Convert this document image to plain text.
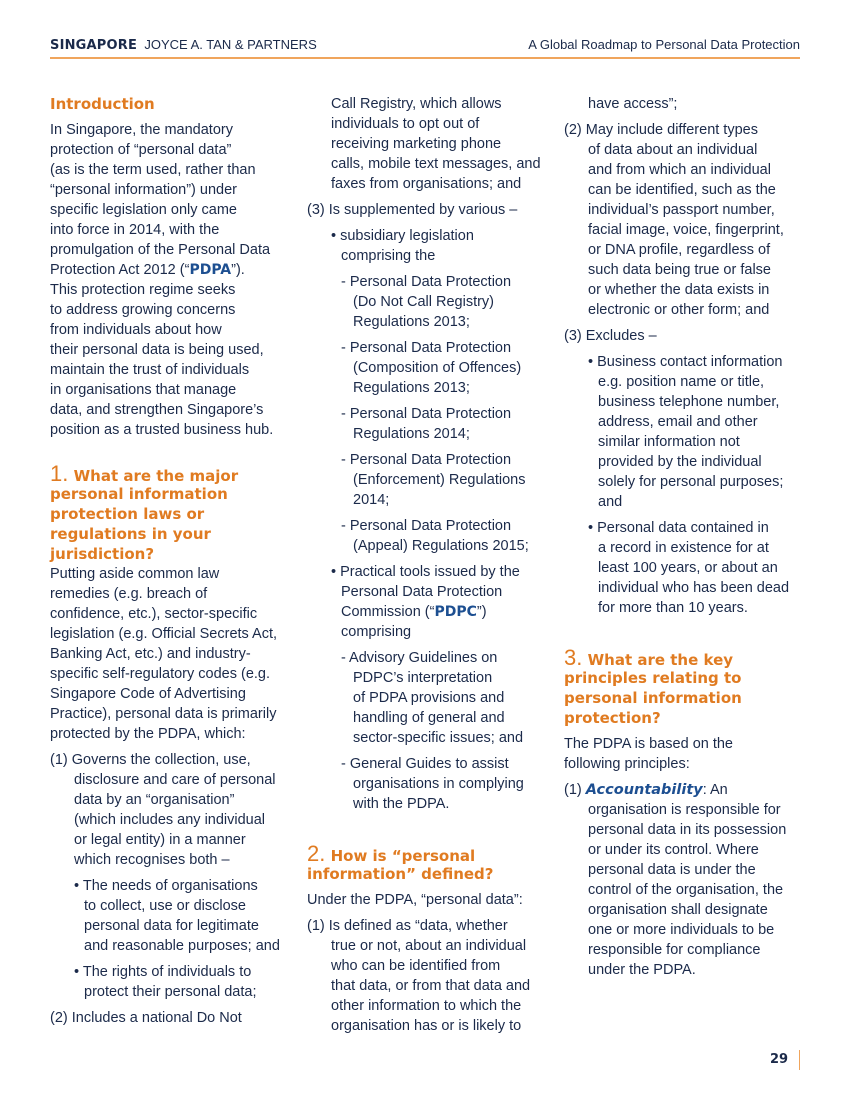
SINGAPORE JOYCE A. TAN & PARTNERS	A Global Roadmap to Personal Data Protection
Introduction
In Singapore, the mandatory
protection of “personal data”
(as is the term used, rather than
“personal information”) under
specific legislation only came
into force in 2014, with the
promulgation of the Personal Data
Protection Act 2012 (“PDPA”).
This protection regime seeks
to address growing concerns
from individuals about how
their personal data is being used,
maintain the trust of individuals
in organisations that manage
data, and strengthen Singapore’s
position as a trusted business hub.
1. What are the major
personal information
protection laws or
regulations in your
jurisdiction?
Putting aside common law
remedies (e.g. breach of
confidence, etc.), sector-specific
legislation (e.g. Official Secrets Act,
Banking Act, etc.) and industry-
specific self-regulatory codes (e.g.
Singapore Code of Advertising
Practice), personal data is primarily
protected by the PDPA, which:
(1) Governs the collection, use,
disclosure and care of personal
data by an “organisation”
(which includes any individual
or legal entity) in a manner
which recognises both –
• The needs of organisations
to collect, use or disclose
personal data for legitimate
and reasonable purposes; and
• The rights of individuals to
protect their personal data;
(2) Includes a national Do Not
Call Registry, which allows
individuals to opt out of
receiving marketing phone
calls, mobile text messages, and
faxes from organisations; and
(3) Is supplemented by various –
• subsidiary legislation
comprising the
- Personal Data Protection
(Do Not Call Registry)
Regulations 2013;
- Personal Data Protection
(Composition of Offences)
Regulations 2013;
- Personal Data Protection
Regulations 2014;
- Personal Data Protection
(Enforcement) Regulations
2014;
- Personal Data Protection
(Appeal) Regulations 2015;
• Practical tools issued by the
Personal Data Protection
Commission (“PDPC”)
comprising
- Advisory Guidelines on
PDPC’s interpretation
of PDPA provisions and
handling of general and
sector-specific issues; and
- General Guides to assist
organisations in complying
with the PDPA.
2. How is “personal
information” defined?
Under the PDPA, “personal data”:
(1) Is defined as “data, whether
true or not, about an individual
who can be identified from
that data, or from that data and
other information to which the
organisation has or is likely to
have access”;
(2) May include different types
of data about an individual
and from which an individual
can be identified, such as the
individual’s passport number,
facial image, voice, fingerprint,
or DNA profile, regardless of
such data being true or false
or whether the data exists in
electronic or other form; and
(3) Excludes –
• Business contact information
e.g. position name or title,
business telephone number,
address, email and other
similar information not
provided by the individual
solely for personal purposes;
and
• Personal data contained in
a record in existence for at
least 100 years, or about an
individual who has been dead
for more than 10 years.
3. What are the key
principles relating to
personal information
protection?
The PDPA is based on the
following principles:
(1) Accountability: An
organisation is responsible for
personal data in its possession
or under its control. Where
personal data is under the
control of the organisation, the
organisation shall designate
one or more individuals to be
responsible for compliance
under the PDPA.
29
